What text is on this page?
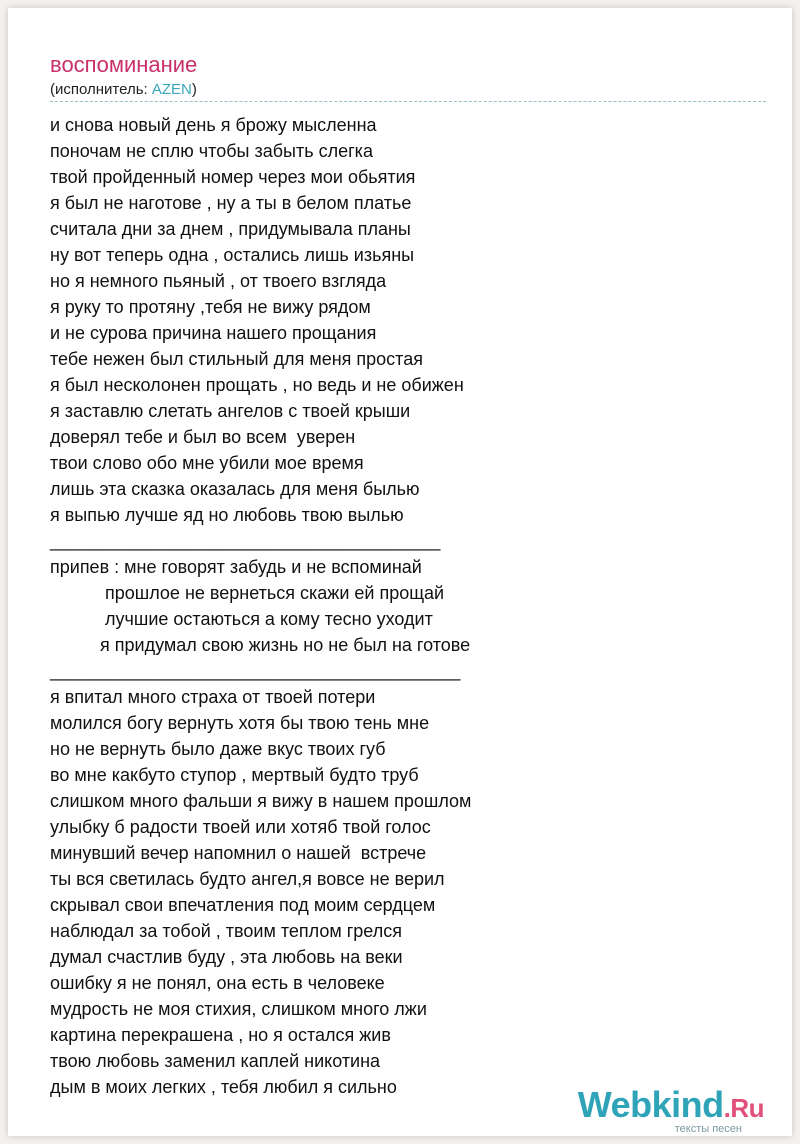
воспоминание
(исполнитель: AZEN)
и снова новый день я брожу мысленна
поночам не сплю чтобы забыть слегка
твой пройденный номер через мои обьятия
я был не наготове , ну а ты в белом платье
считала дни за днем , придумывала планы
ну вот теперь одна , остались лишь изьяны
но я немного пьяный , от твоего взгляда
я руку то протяну ,тебя не вижу рядом
и не сурова причина нашего прощания
тебе нежен был стильный для меня простая
я был несколонен прощать , но ведь и не обижен
я заставлю слетать ангелов с твоей крыши
доверял тебе и был во всем  уверен
твои слово обо мне убили мое время
лишь эта сказка оказалась для меня былью
я выпью лучше яд но любовь твою вылью
_______________________________________
припев : мне говорят забудь и не вспоминай
прошлое не вернеться скажи ей прощай
лучшие остаються а кому тесно уходит
я придумал свою жизнь но не был на готове
_________________________________________
я впитал много страха от твоей потери
молился богу вернуть хотя бы твою тень мне
но не вернуть было даже вкус твоих губ
во мне какбуто ступор , мертвый будто труб
слишком много фальши я вижу в нашем прошлом
улыбку б радости твоей или хотяб твой голос
минувший вечер напомнил о нашей  встрече
ты вся светилась будто ангел,я вовсе не верил
скрывал свои впечатления под моим сердцем
наблюдал за тобой , твоим теплом грелся
думал счастлив буду , эта любовь на веки
ошибку я не понял, она есть в человеке
мудрость не моя стихия, слишком много лжи
картина перекрашена , но я остался жив
твою любовь заменил каплей никотина
дым в моих легких , тебя любил я сильно	Webkind.Ru
тексты песен
